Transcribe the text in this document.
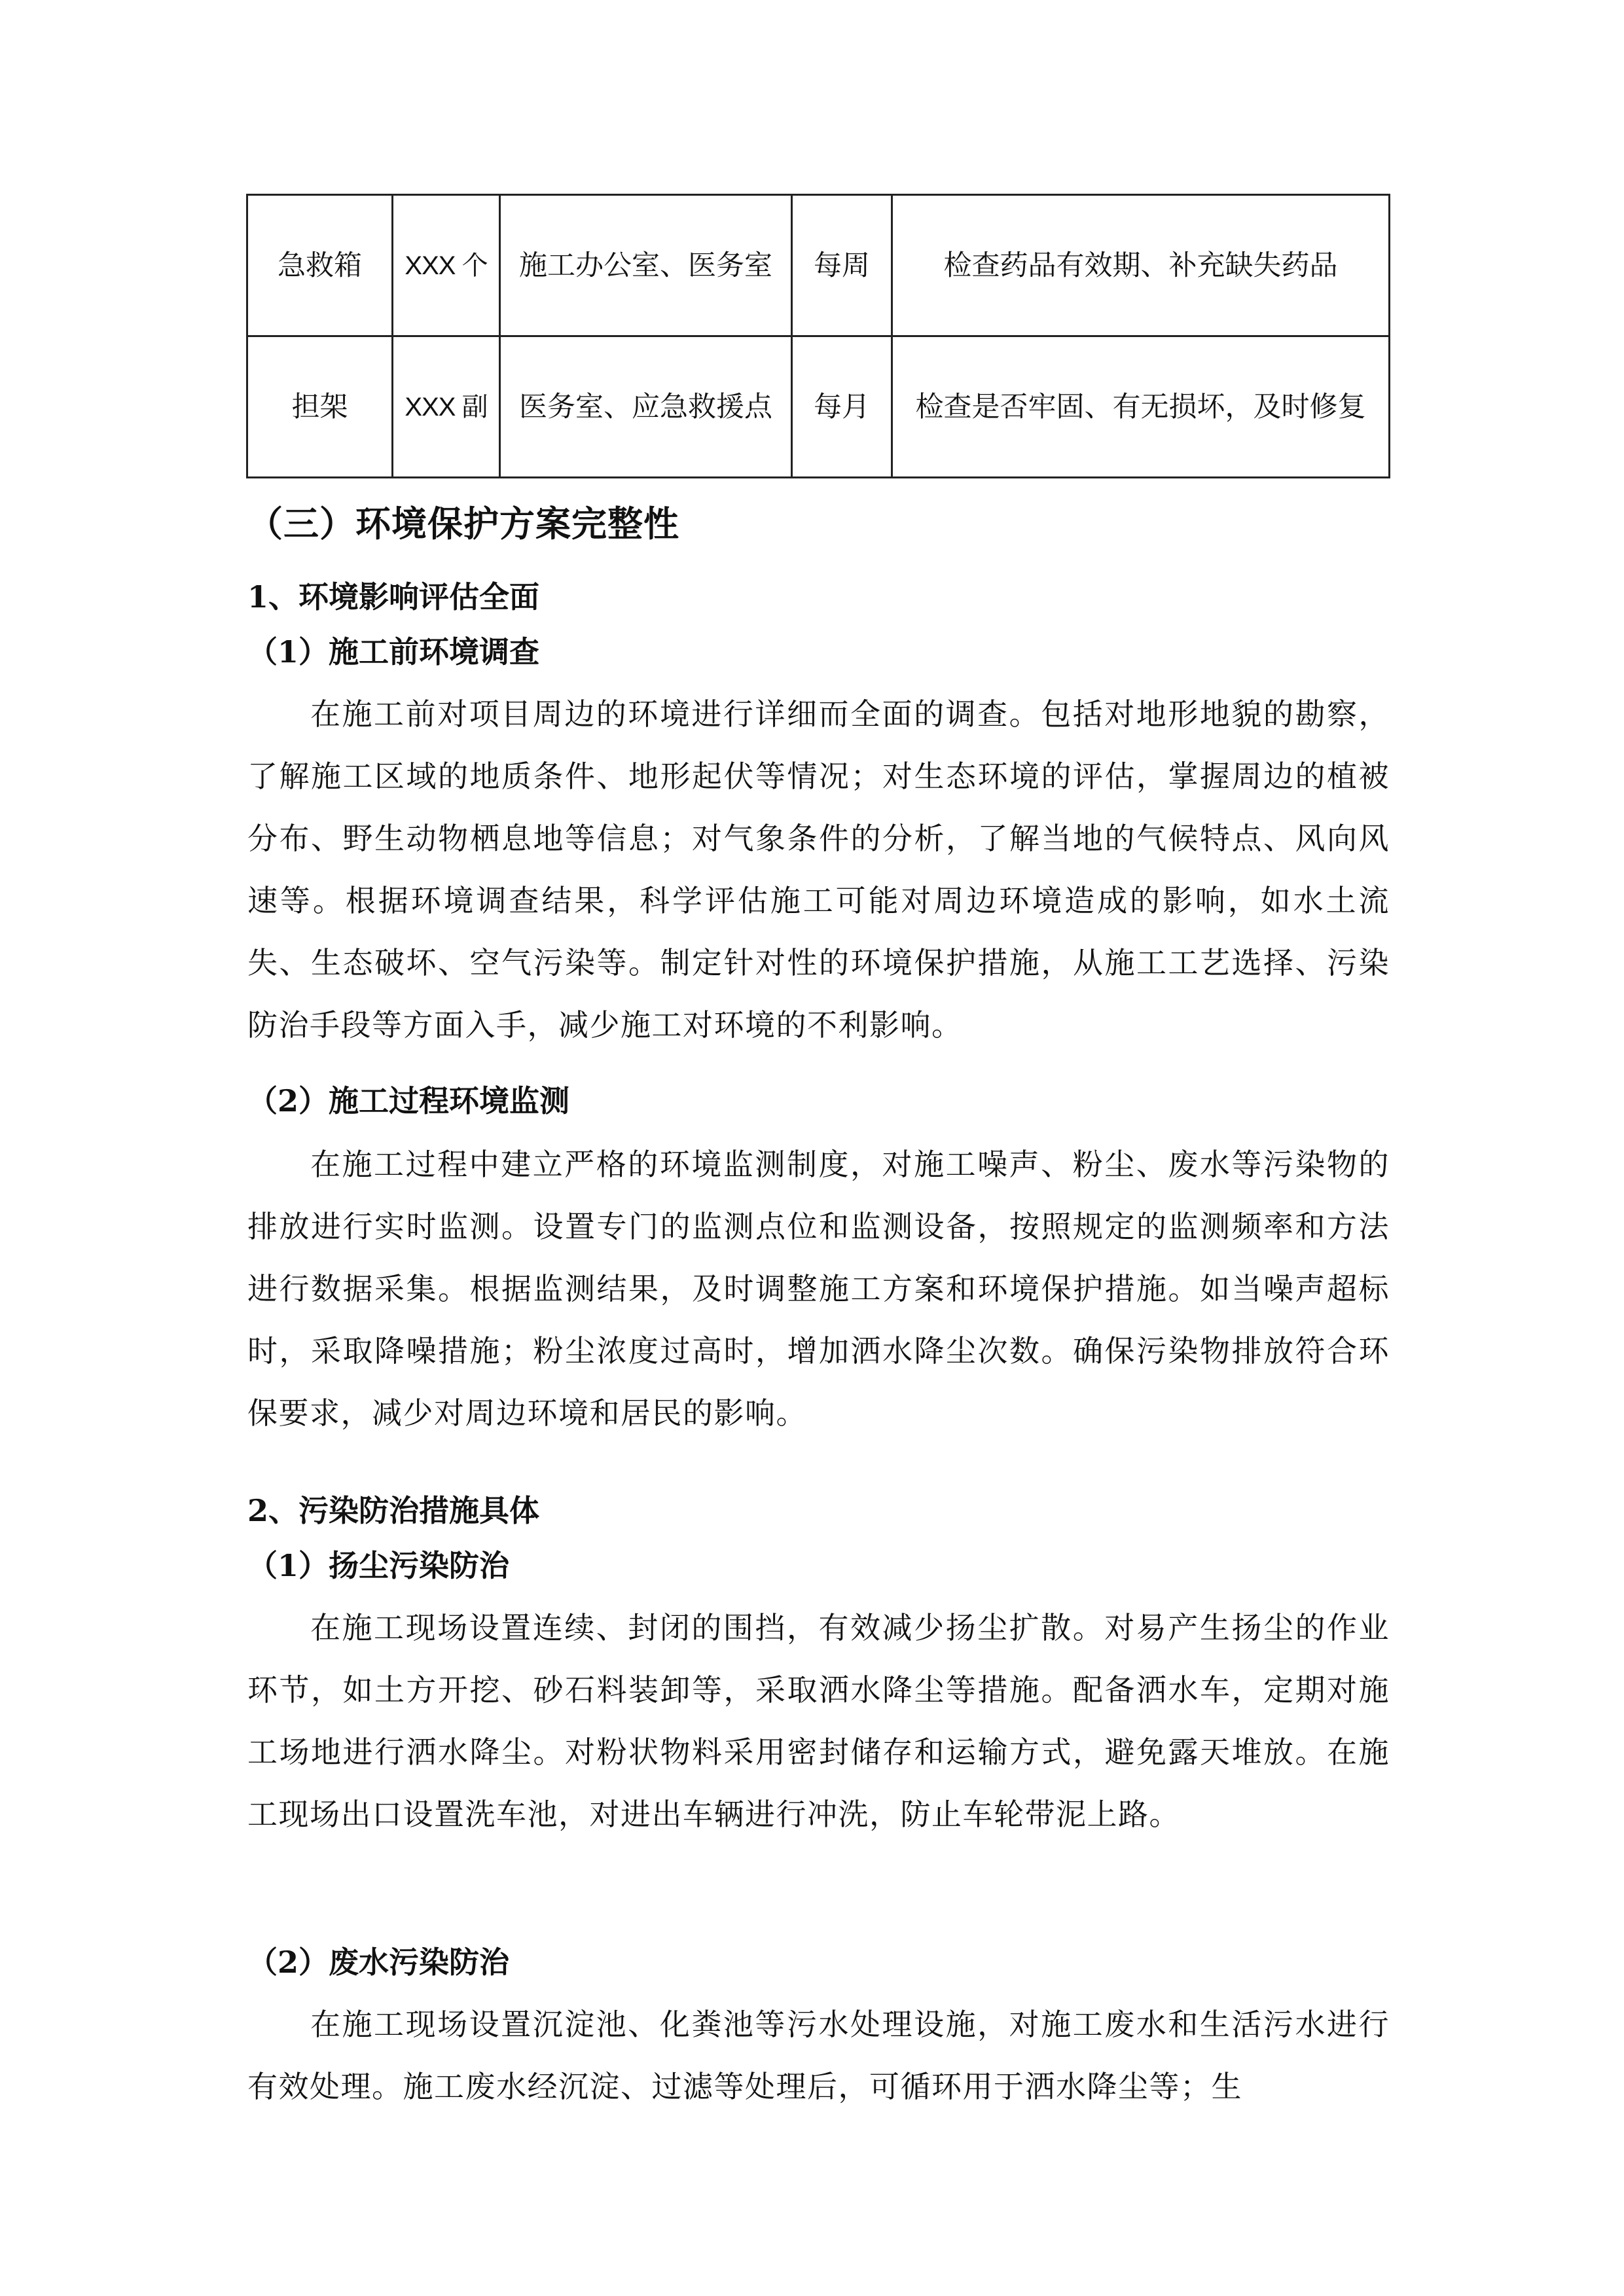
急救箱	XXX 个	施工办公室、医务室	每周	检查药品有效期、补充缺失药品
担架	XXX 副	医务室、应急救援点	每月	检查是否牢固、有无损坏，及时修复
（三）环境保护方案完整性
1、环境影响评估全面
（1）施工前环境调查

在施工前对项目周边的环境进行详细而全面的调查。包括对地形地貌的勘察，了解施工区域的地质条件、地形起伏等情况；对生态环境的评估，掌握周边的植被分布、野生动物栖息地等信息；对气象条件的分析，了解当地的气候特点、风向风速等。根据环境调查结果，科学评估施工可能对周边环境造成的影响，如水土流失、生态破坏、空气污染等。制定针对性的环境保护措施，从施工工艺选择、污染防治手段等方面入手，减少施工对环境的不利影响。

（2）施工过程环境监测

在施工过程中建立严格的环境监测制度，对施工噪声、粉尘、废水等污染物的排放进行实时监测。设置专门的监测点位和监测设备，按照规定的监测频率和方法进行数据采集。根据监测结果，及时调整施工方案和环境保护措施。如当噪声超标时，采取降噪措施；粉尘浓度过高时，增加洒水降尘次数。确保污染物排放符合环保要求，减少对周边环境和居民的影响。

2、污染防治措施具体
（1）扬尘污染防治

在施工现场设置连续、封闭的围挡，有效减少扬尘扩散。对易产生扬尘的作业环节，如土方开挖、砂石料装卸等，采取洒水降尘等措施。配备洒水车，定期对施工场地进行洒水降尘。对粉状物料采用密封储存和运输方式，避免露天堆放。在施工现场出口设置洗车池，对进出车辆进行冲洗，防止车轮带泥上路。

（2）废水污染防治

在施工现场设置沉淀池、化粪池等污水处理设施，对施工废水和生活污水进行有效处理。施工废水经沉淀、过滤等处理后，可循环用于洒水降尘等；生
